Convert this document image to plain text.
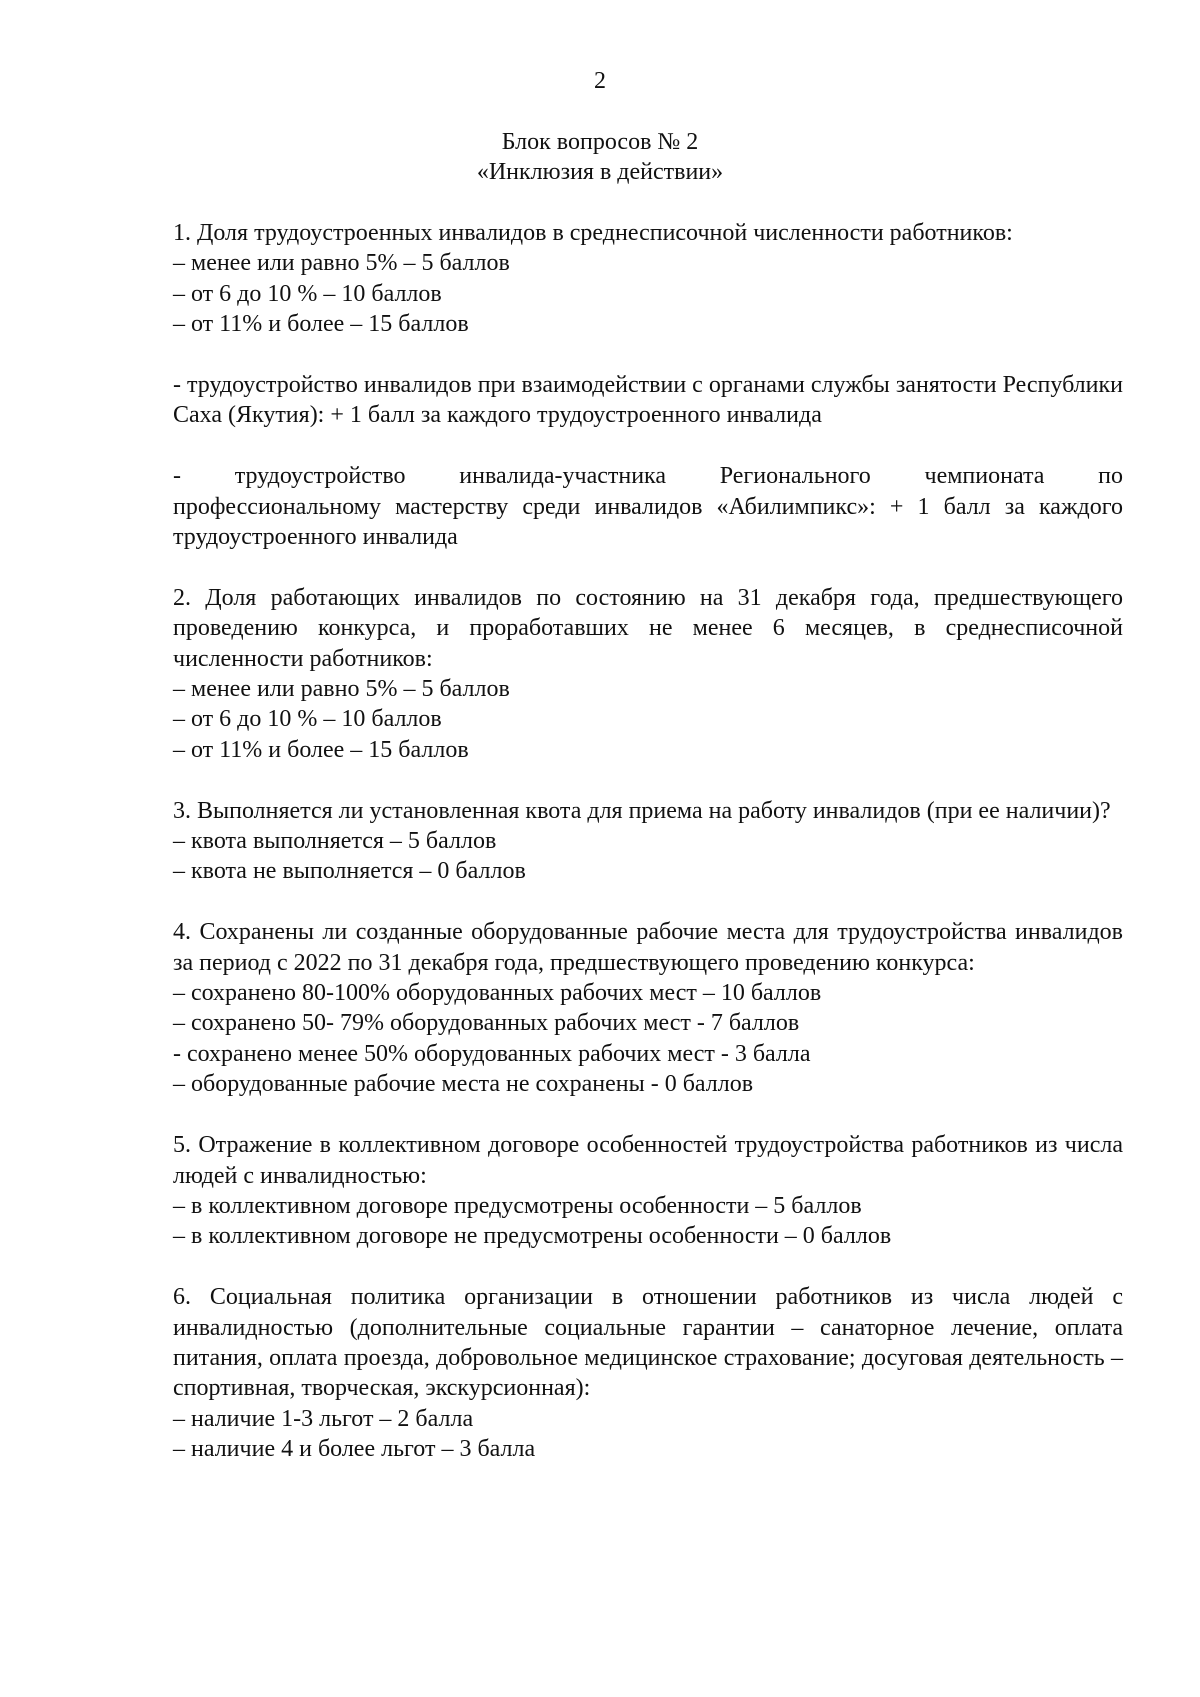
2
Блок вопросов № 2
«Инклюзия в действии»
1. Доля трудоустроенных инвалидов в среднесписочной численности работников:
– менее или равно 5% – 5 баллов
– от 6 до 10 % – 10 баллов
– от 11% и более – 15 баллов
- трудоустройство инвалидов при взаимодействии с органами службы занятости Республики Саха (Якутия): + 1 балл за каждого трудоустроенного инвалида
- трудоустройство инвалида-участника Регионального чемпионата по
профессиональному мастерству среди инвалидов «Абилимпикс»: + 1 балл за каждого трудоустроенного инвалида
2. Доля работающих инвалидов по состоянию на 31 декабря года, предшествующего проведению конкурса, и проработавших не менее 6 месяцев, в среднесписочной численности работников:
– менее или равно 5% – 5 баллов
– от 6 до 10 % – 10 баллов
– от 11% и более – 15 баллов
3. Выполняется ли установленная квота для приема на работу инвалидов (при ее наличии)?
– квота выполняется – 5 баллов
– квота не выполняется – 0 баллов
4. Сохранены ли созданные оборудованные рабочие места для трудоустройства инвалидов за период с 2022 по 31 декабря года, предшествующего проведению конкурса:
– сохранено 80-100% оборудованных рабочих мест – 10 баллов
– сохранено 50- 79% оборудованных рабочих мест - 7 баллов
- сохранено менее 50% оборудованных рабочих мест - 3 балла
– оборудованные рабочие места не сохранены - 0 баллов
5. Отражение в коллективном договоре особенностей трудоустройства работников из числа людей с инвалидностью:
– в коллективном договоре предусмотрены особенности – 5 баллов
– в коллективном договоре не предусмотрены особенности – 0 баллов
6. Социальная политика организации в отношении работников из числа людей с инвалидностью (дополнительные социальные гарантии – санаторное лечение, оплата питания, оплата проезда, добровольное медицинское страхование; досуговая деятельность – спортивная, творческая, экскурсионная):
– наличие 1-3 льгот – 2 балла
– наличие 4 и более льгот – 3 балла
